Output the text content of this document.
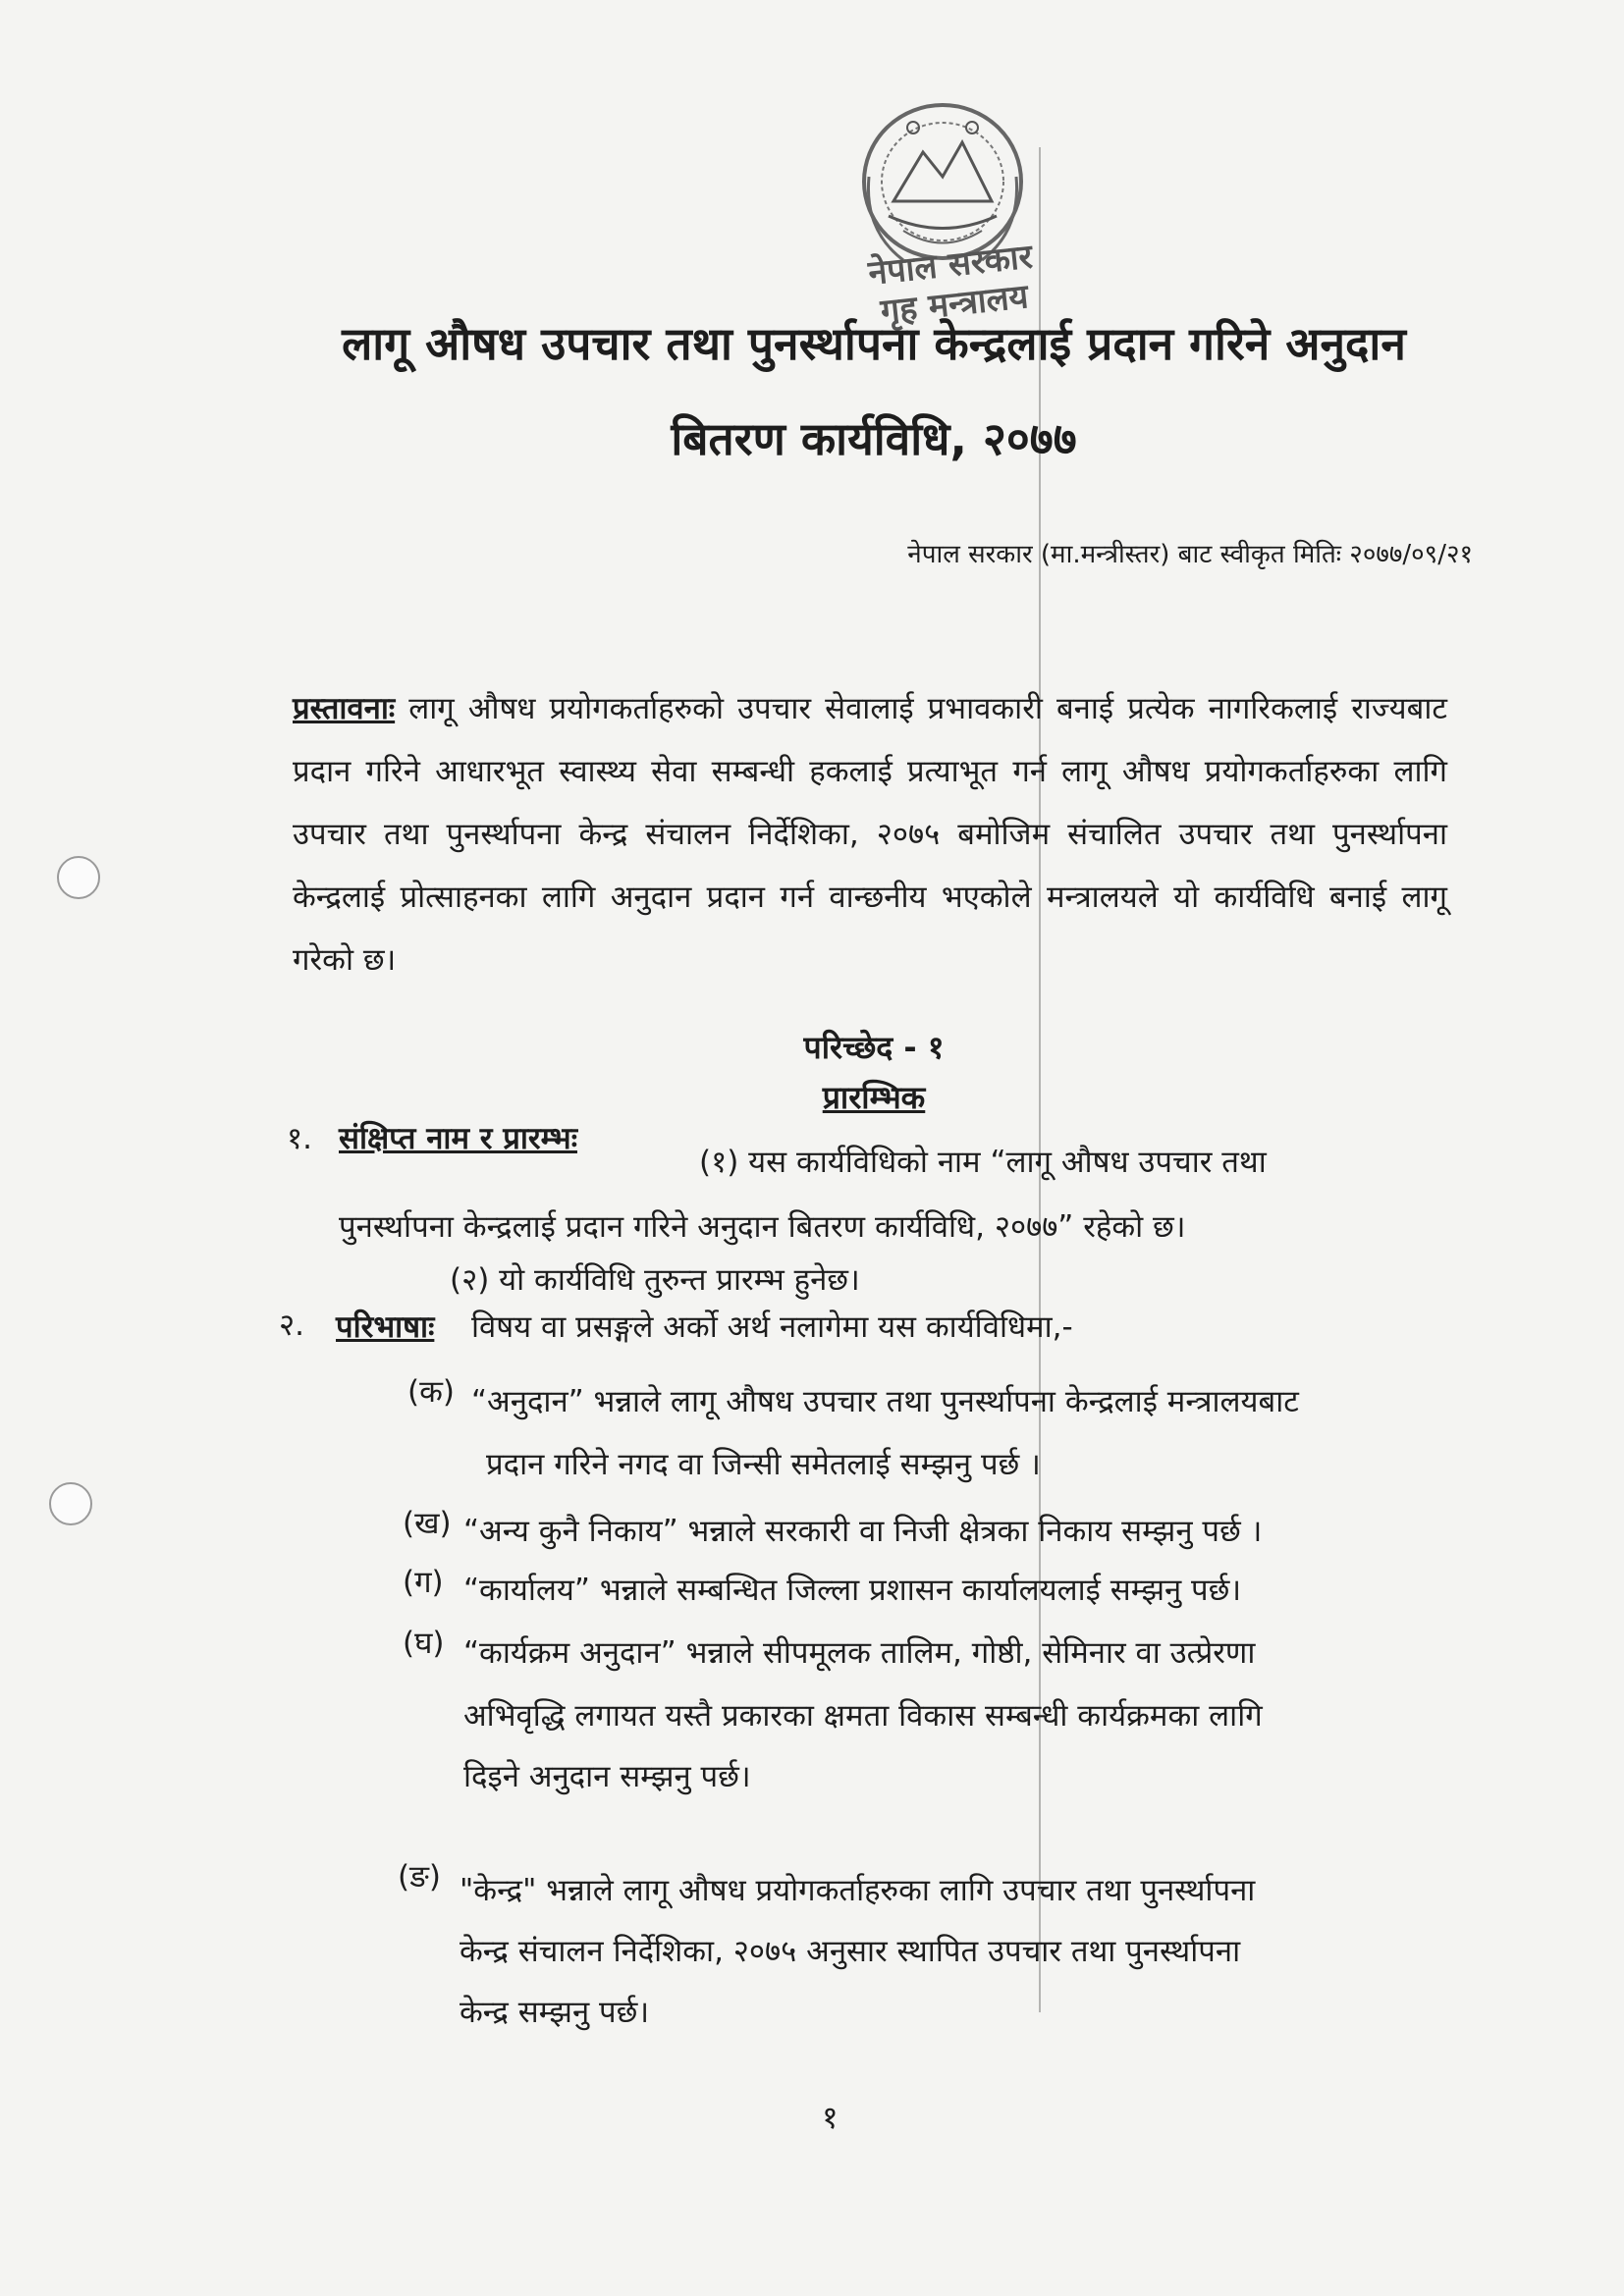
नेपाल सरकार
गृह मन्त्रालय
लागू औषध उपचार तथा पुनर्स्थापना केन्द्रलाई प्रदान गरिने अनुदान
बितरण कार्यविधि, २०७७
नेपाल सरकार (मा.मन्त्रीस्तर) बाट स्वीकृत मितिः २०७७/०९/२१
प्रस्तावनाः लागू औषध प्रयोगकर्ताहरुको उपचार सेवालाई प्रभावकारी बनाई प्रत्येक नागरिकलाई राज्यबाट प्रदान गरिने आधारभूत स्वास्थ्य सेवा सम्बन्धी हकलाई प्रत्याभूत गर्न लागू औषध प्रयोगकर्ताहरुका लागि उपचार तथा पुनर्स्थापना केन्द्र संचालन निर्देशिका, २०७५ बमोजिम संचालित उपचार तथा पुनर्स्थापना केन्द्रलाई प्रोत्साहनका लागि अनुदान प्रदान गर्न वान्छनीय भएकोले मन्त्रालयले यो कार्यविधि बनाई लागू गरेको छ।
परिच्छेद - १
प्रारम्भिक
१. संक्षिप्त नाम र प्रारम्भः
(१) यस कार्यविधिको नाम “लागू औषध उपचार तथा
पुनर्स्थापना केन्द्रलाई प्रदान गरिने अनुदान बितरण कार्यविधि, २०७७” रहेको छ।
(२) यो कार्यविधि तुरुन्त प्रारम्भ हुनेछ।
२. परिभाषाः विषय वा प्रसङ्गले अर्को अर्थ नलागेमा यस कार्यविधिमा,-
(क) “अनुदान” भन्नाले लागू औषध उपचार तथा पुनर्स्थापना केन्द्रलाई मन्त्रालयबाट
प्रदान गरिने नगद वा जिन्सी समेतलाई सम्झनु पर्छ ।
(ख) “अन्य कुनै निकाय” भन्नाले सरकारी वा निजी क्षेत्रका निकाय सम्झनु पर्छ ।
(ग) “कार्यालय” भन्नाले सम्बन्धित जिल्ला प्रशासन कार्यालयलाई सम्झनु पर्छ।
(घ) “कार्यक्रम अनुदान” भन्नाले सीपमूलक तालिम, गोष्ठी, सेमिनार वा उत्प्रेरणा
अभिवृद्धि लगायत यस्तै प्रकारका क्षमता विकास सम्बन्धी कार्यक्रमका लागि
दिइने अनुदान सम्झनु पर्छ।
(ङ) "केन्द्र" भन्नाले लागू औषध प्रयोगकर्ताहरुका लागि उपचार तथा पुनर्स्थापना
केन्द्र संचालन निर्देशिका, २०७५ अनुसार स्थापित उपचार तथा पुनर्स्थापना
केन्द्र सम्झनु पर्छ।
१
